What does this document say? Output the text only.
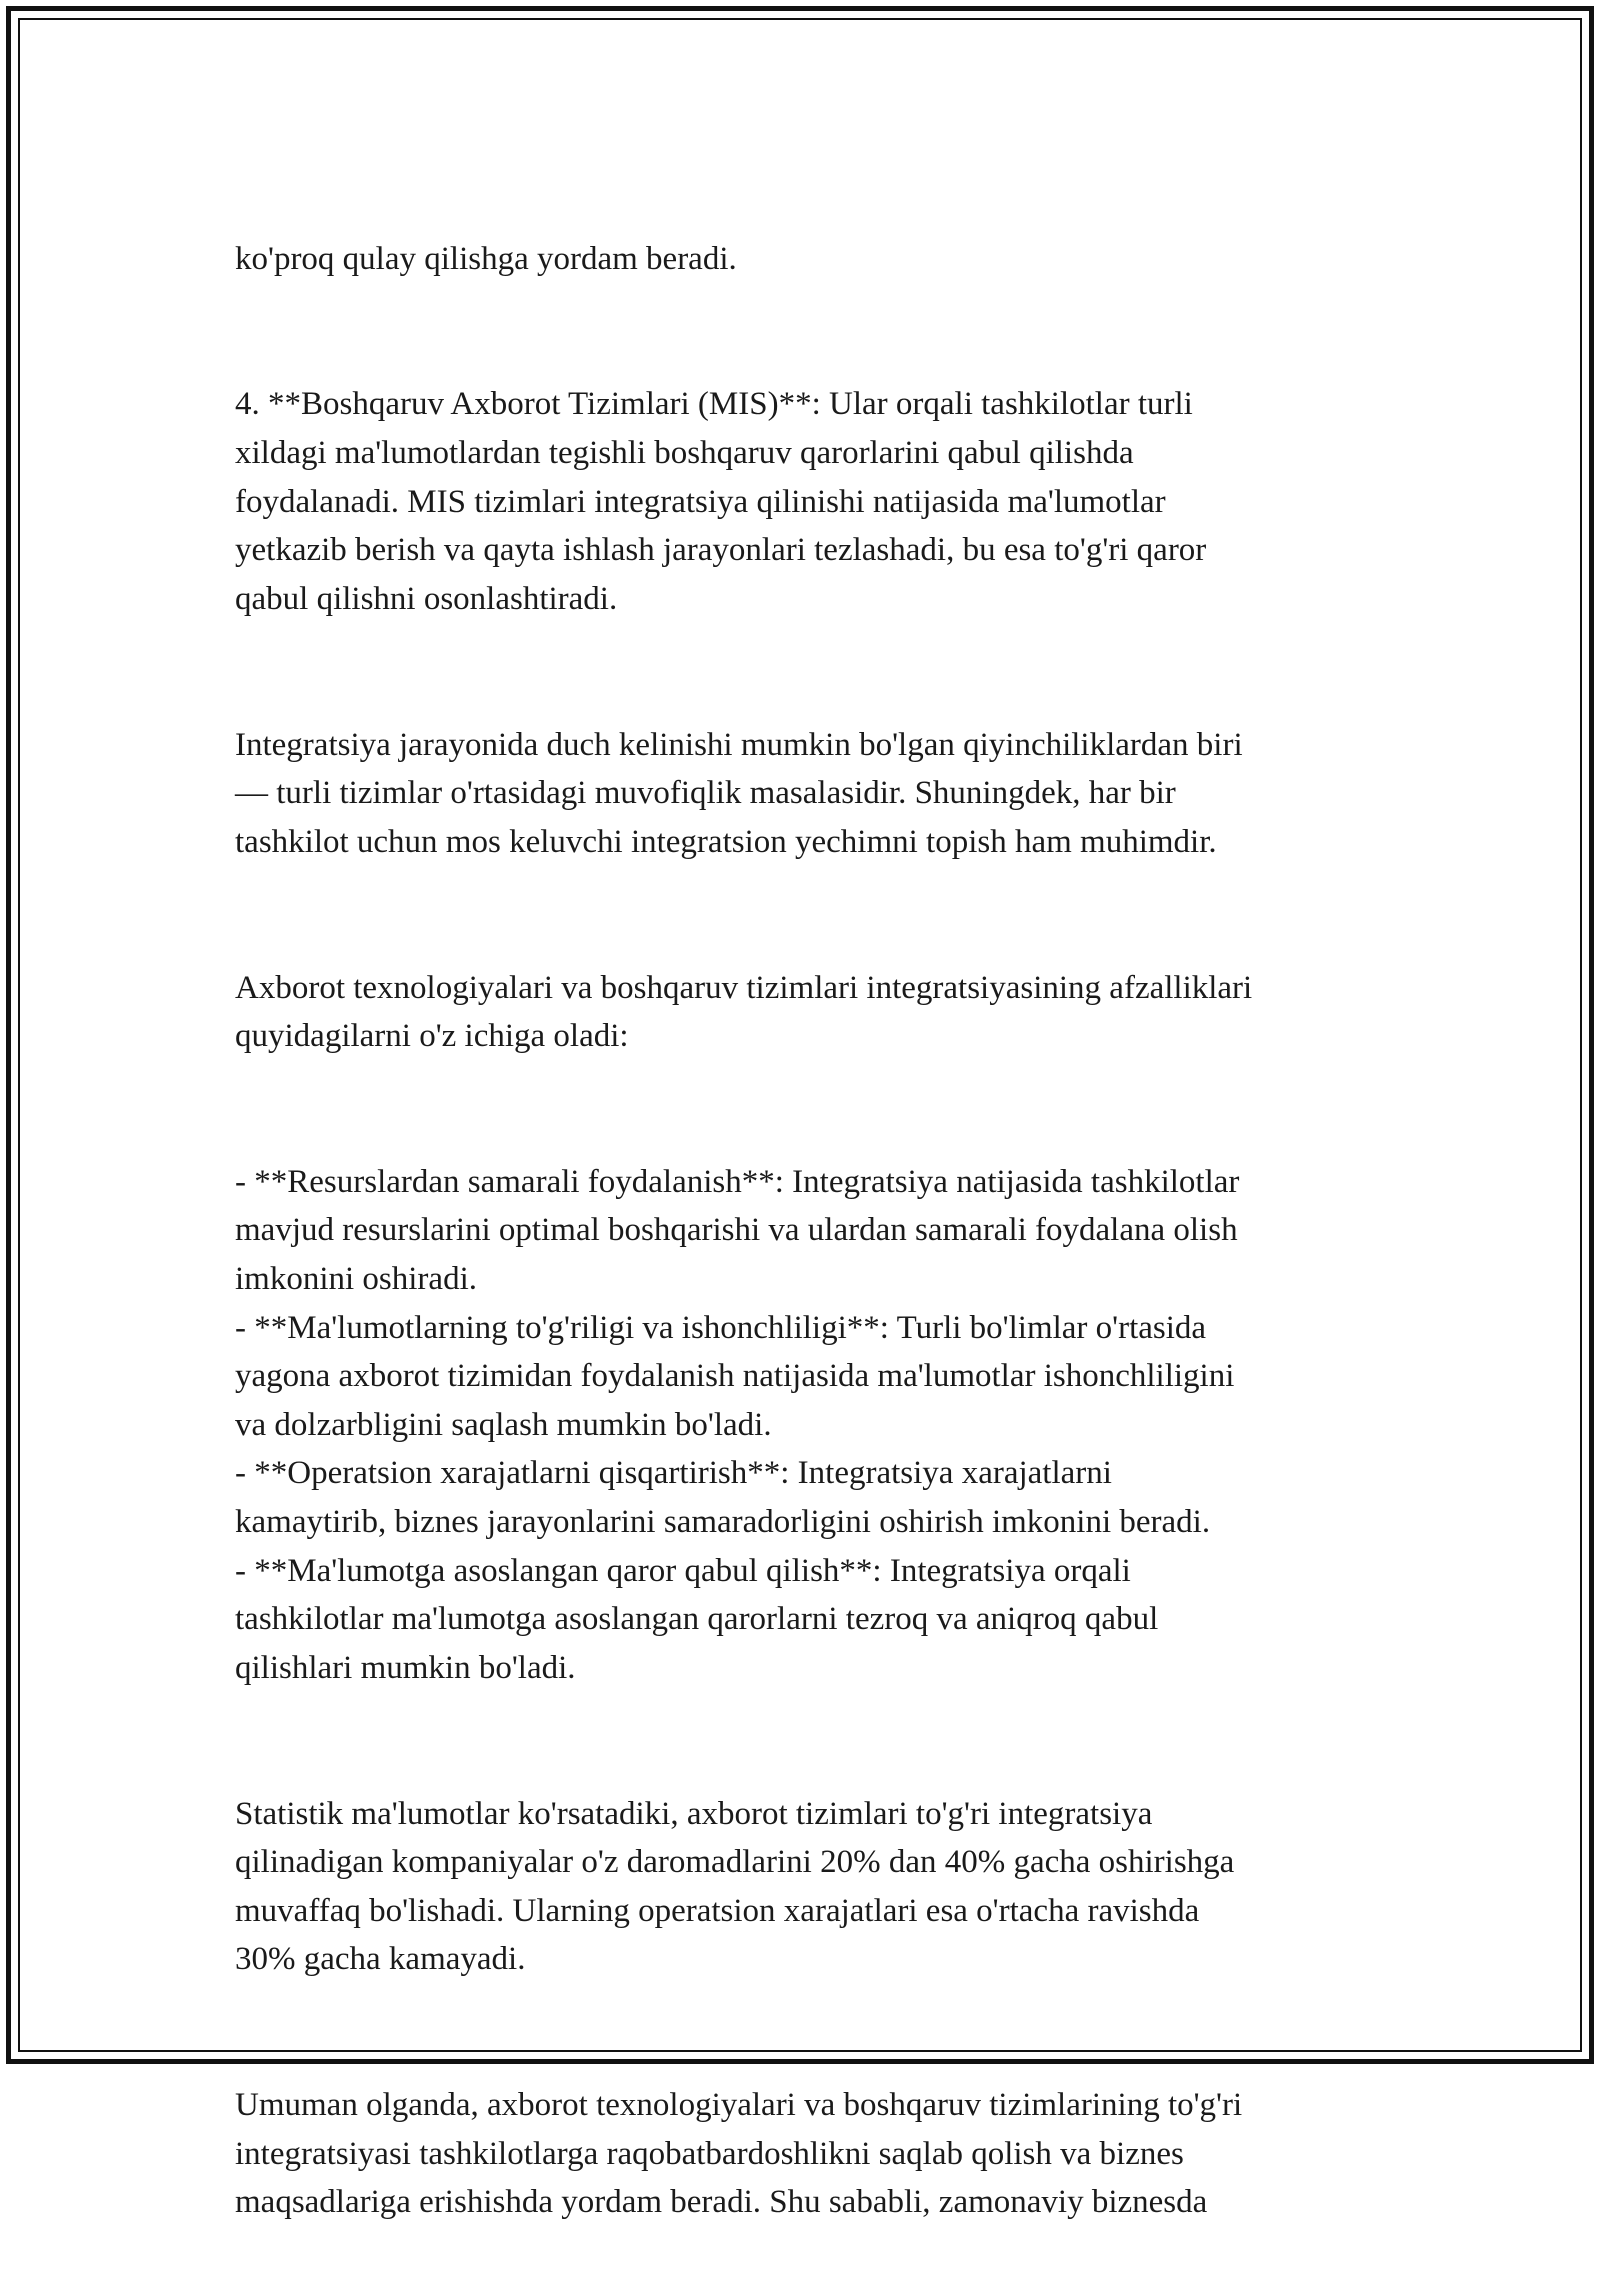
ko'proq qulay qilishga yordam beradi.

4. **Boshqaruv Axborot Tizimlari (MIS)**: Ular orqali tashkilotlar turli
xildagi ma'lumotlardan tegishli boshqaruv qarorlarini qabul qilishda
foydalanadi. MIS tizimlari integratsiya qilinishi natijasida ma'lumotlar
yetkazib berish va qayta ishlash jarayonlari tezlashadi, bu esa to'g'ri qaror
qabul qilishni osonlashtiradi.

Integratsiya jarayonida duch kelinishi mumkin bo'lgan qiyinchiliklardan biri
— turli tizimlar o'rtasidagi muvofiqlik masalasidir. Shuningdek, har bir
tashkilot uchun mos keluvchi integratsion yechimni topish ham muhimdir.

Axborot texnologiyalari va boshqaruv tizimlari integratsiyasining afzalliklari
quyidagilarni o'z ichiga oladi:

- **Resurslardan samarali foydalanish**: Integratsiya natijasida tashkilotlar
mavjud resurslarini optimal boshqarishi va ulardan samarali foydalana olish
imkonini oshiradi.
- **Ma'lumotlarning to'g'riligi va ishonchliligi**: Turli bo'limlar o'rtasida
yagona axborot tizimidan foydalanish natijasida ma'lumotlar ishonchliligini
va dolzarbligini saqlash mumkin bo'ladi.
- **Operatsion xarajatlarni qisqartirish**: Integratsiya xarajatlarni
kamaytirib, biznes jarayonlarini samaradorligini oshirish imkonini beradi.
- **Ma'lumotga asoslangan qaror qabul qilish**: Integratsiya orqali
tashkilotlar ma'lumotga asoslangan qarorlarni tezroq va aniqroq qabul
qilishlari mumkin bo'ladi.

Statistik ma'lumotlar ko'rsatadiki, axborot tizimlari to'g'ri integratsiya
qilinadigan kompaniyalar o'z daromadlarini 20% dan 40% gacha oshirishga
muvaffaq bo'lishadi. Ularning operatsion xarajatlari esa o'rtacha ravishda
30% gacha kamayadi.

Umuman olganda, axborot texnologiyalari va boshqaruv tizimlarining to'g'ri
integratsiyasi tashkilotlarga raqobatbardoshlikni saqlab qolish va biznes
maqsadlariga erishishda yordam beradi. Shu sababli, zamonaviy biznesda
